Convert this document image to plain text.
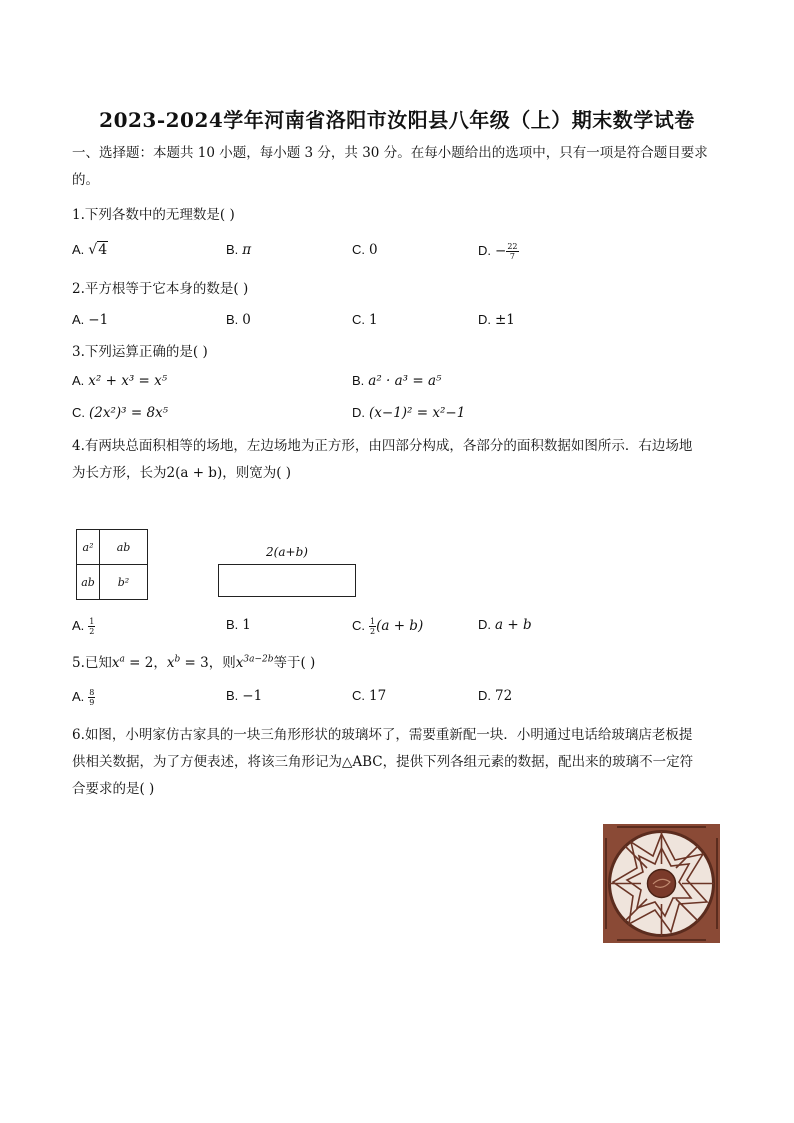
2023-2024学年河南省洛阳市汝阳县八年级（上）期末数学试卷
一、选择题：本题共 10 小题，每小题 3 分，共 30 分。在每小题给出的选项中，只有一项是符合题目要求
的。
1.下列各数中的无理数是( )
A. √4	B. π	C. 0	D. − $\frac{22}{7}$
2.平方根等于它本身的数是( )
A. −1	B. 0	C. 1	D. ±1
3.下列运算正确的是( )
A. x² + x³ = x⁵	B. a² · a³ = a⁵
C. (2x²)³ = 8x⁵	D. (x−1)² = x²−1
4.有两块总面积相等的场地，左边场地为正方形，由四部分构成，各部分的面积数据如图所示．右边场地
为长方形，长为2(a + b)，则宽为( )
a²	ab
ab	b²
2(a+b)
A. $\frac{1}{2}$	B. 1	C. $\frac{1}{2} (a + b)$	D. a + b
5.已知$x^a = 2$，$x^b = 3$，则$x^{3a-2b}$等于( )
A. $\frac{8}{9}$	B. −1	C. 17	D. 72
6.如图，小明家仿古家具的一块三角形形状的玻璃坏了，需要重新配一块．小明通过电话给玻璃店老板提
供相关数据，为了方便表述，将该三角形记为△ABC，提供下列各组元素的数据，配出来的玻璃不一定符
合要求的是( )
